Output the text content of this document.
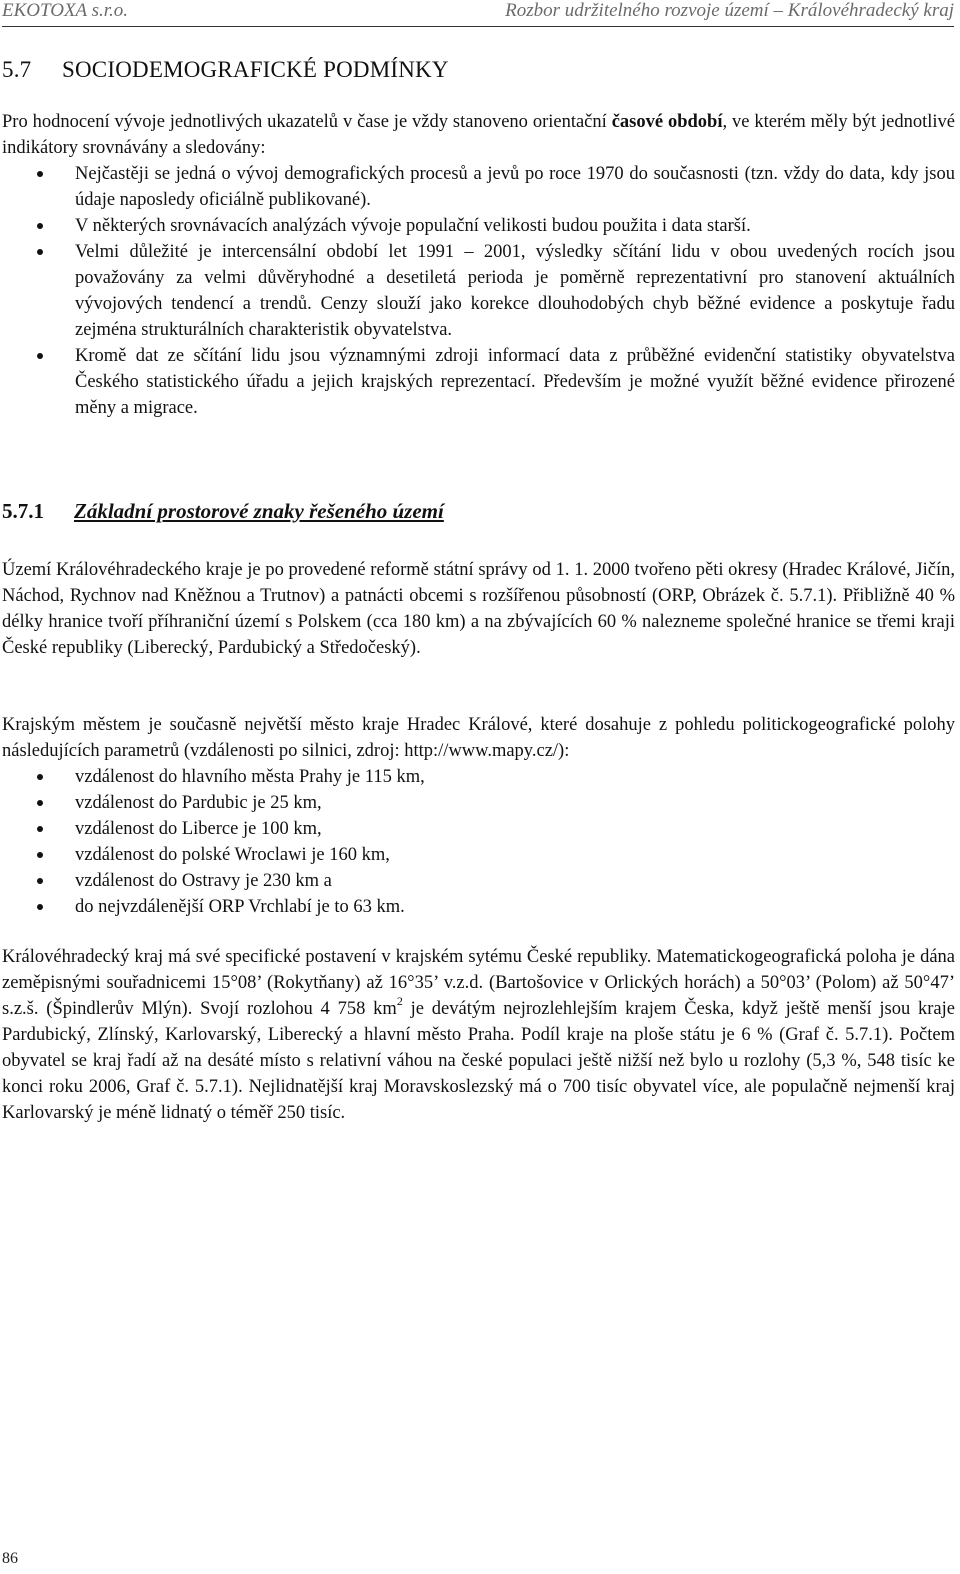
EKOTOXA s.r.o.	Rozbor udržitelného rozvoje území – Královéhradecký kraj
5.7 SOCIODEMOGRAFICKÉ PODMÍNKY

Pro hodnocení vývoje jednotlivých ukazatelů v čase je vždy stanoveno orientační časové období, ve kterém měly být jednotlivé indikátory srovnávány a sledovány:

Nejčastěji se jedná o vývoj demografických procesů a jevů po roce 1970 do současnosti (tzn. vždy do data, kdy jsou údaje naposledy oficiálně publikované).
V některých srovnávacích analýzách vývoje populační velikosti budou použita i data starší.
Velmi důležité je intercensální období let 1991 – 2001, výsledky sčítání lidu v obou uvedených rocích jsou považovány za velmi důvěryhodné a desetiletá perioda je poměrně reprezentativní pro stanovení aktuálních vývojových tendencí a trendů. Cenzy slouží jako korekce dlouhodobých chyb běžné evidence a poskytuje řadu zejména strukturálních charakteristik obyvatelstva.
Kromě dat ze sčítání lidu jsou významnými zdroji informací data z průběžné evidenční statistiky obyvatelstva Českého statistického úřadu a jejich krajských reprezentací. Především je možné využít běžné evidence přirozené měny a migrace.
5.7.1 Základní prostorové znaky řešeného území

Území Královéhradeckého kraje je po provedené reformě státní správy od 1. 1. 2000 tvořeno pěti okresy (Hradec Králové, Jičín, Náchod, Rychnov nad Kněžnou a Trutnov) a patnácti obcemi s rozšířenou působností (ORP, Obrázek č. 5.7.1). Přibližně 40 % délky hranice tvoří příhraniční území s Polskem (cca 180 km) a na zbývajících 60 % nalezneme společné hranice se třemi kraji České republiky (Liberecký, Pardubický a Středočeský).

Krajským městem je současně největší město kraje Hradec Králové, které dosahuje z pohledu politickogeografické polohy následujících parametrů (vzdálenosti po silnici, zdroj: http://www.mapy.cz/):

vzdálenost do hlavního města Prahy je 115 km,
vzdálenost do Pardubic je 25 km,
vzdálenost do Liberce je 100 km,
vzdálenost do polské Wroclawi je 160 km,
vzdálenost do Ostravy je 230 km a
do nejvzdálenější ORP Vrchlabí je to 63 km.

Královéhradecký kraj má své specifické postavení v krajském sytému České republiky. Matematickogeografická poloha je dána zeměpisnými souřadnicemi 15°08’ (Rokytňany) až 16°35’ v.z.d. (Bartošovice v Orlických horách) a 50°03’ (Polom) až 50°47’ s.z.š. (Špindlerův Mlýn). Svojí rozlohou 4 758 $km^2$ je devátým nejrozlehlejším krajem Česka, když ještě menší jsou kraje Pardubický, Zlínský, Karlovarský, Liberecký a hlavní město Praha. Podíl kraje na ploše státu je 6 % (Graf č. 5.7.1). Počtem obyvatel se kraj řadí až na desáté místo s relativní váhou na české populaci ještě nižší než bylo u rozlohy (5,3 %, 548 tisíc ke konci roku 2006, Graf č. 5.7.1). Nejlidnatější kraj Moravskoslezský má o 700 tisíc obyvatel více, ale populačně nejmenší kraj Karlovarský je méně lidnatý o téměř 250 tisíc.

86
